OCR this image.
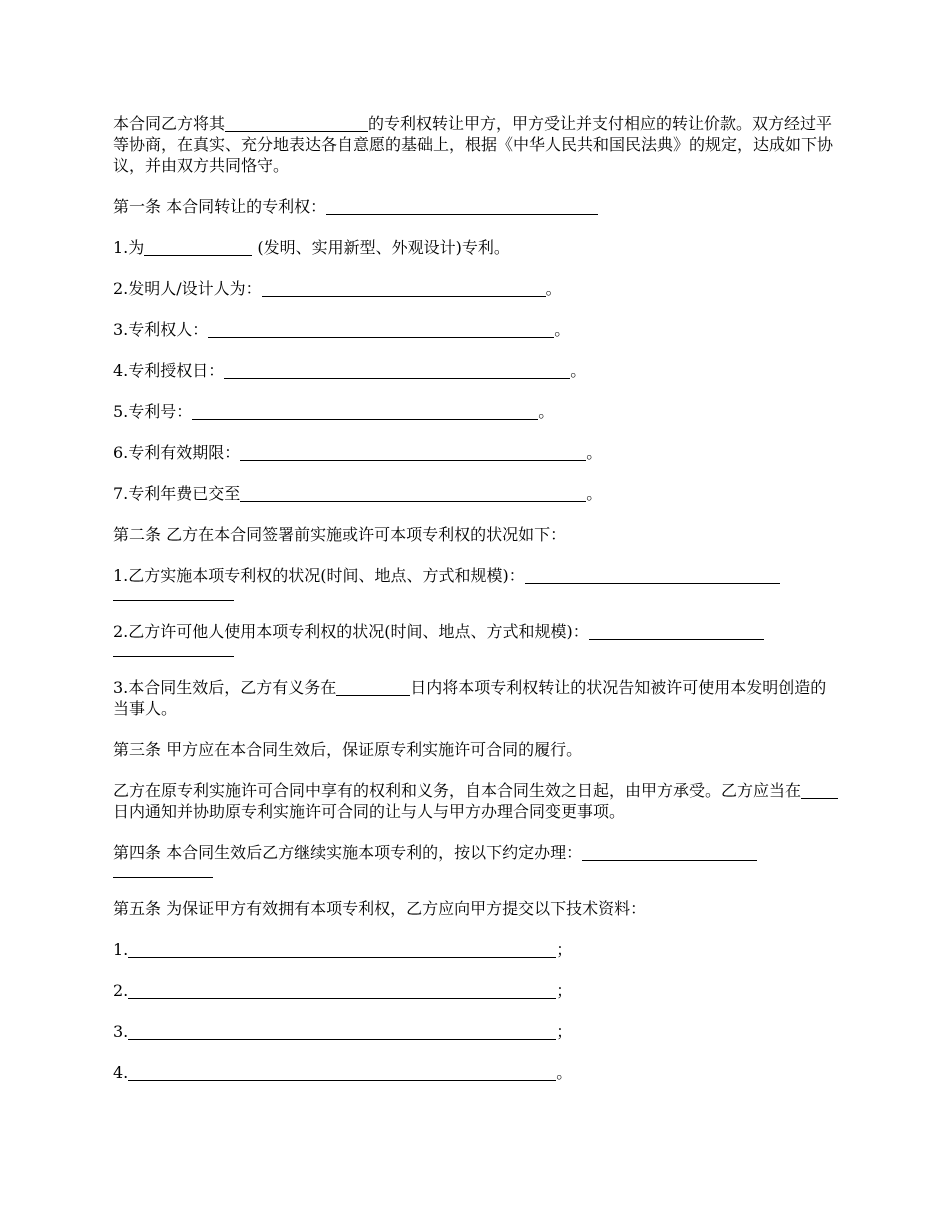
本合同乙方将其	的专利权转让甲方，甲方受让并支付相应的转让价款。双方经过平等协商，在真实、充分地表达各自意愿的基础上，根据《中华人民共和国民法典》的规定，达成如下协议，并由双方共同恪守。

第一条 本合同转让的专利权：

1.为	(发明、实用新型、外观设计)专利。

2.发明人/设计人为：	。

3.专利权人：	。

4.专利授权日：	。

5.专利号：	。

6.专利有效期限：	。

7.专利年费已交至	。

第二条 乙方在本合同签署前实施或许可本项专利权的状况如下：

1.乙方实施本项专利权的状况(时间、地点、方式和规模)：
2.乙方许可他人使用本项专利权的状况(时间、地点、方式和规模)：

3.本合同生效后，乙方有义务在	日内将本项专利权转让的状况告知被许可使用本发明创造的当事人。

第三条 甲方应在本合同生效后，保证原专利实施许可合同的履行。

乙方在原专利实施许可合同中享有的权利和义务，自本合同生效之日起，由甲方承受。乙方应当在日内通知并协助原专利实施许可合同的让与人与甲方办理合同变更事项。

第四条 本合同生效后乙方继续实施本项专利的，按以下约定办理：

第五条 为保证甲方有效拥有本项专利权，乙方应向甲方提交以下技术资料：

1.	；

2.	；

3.	；

4.	。
